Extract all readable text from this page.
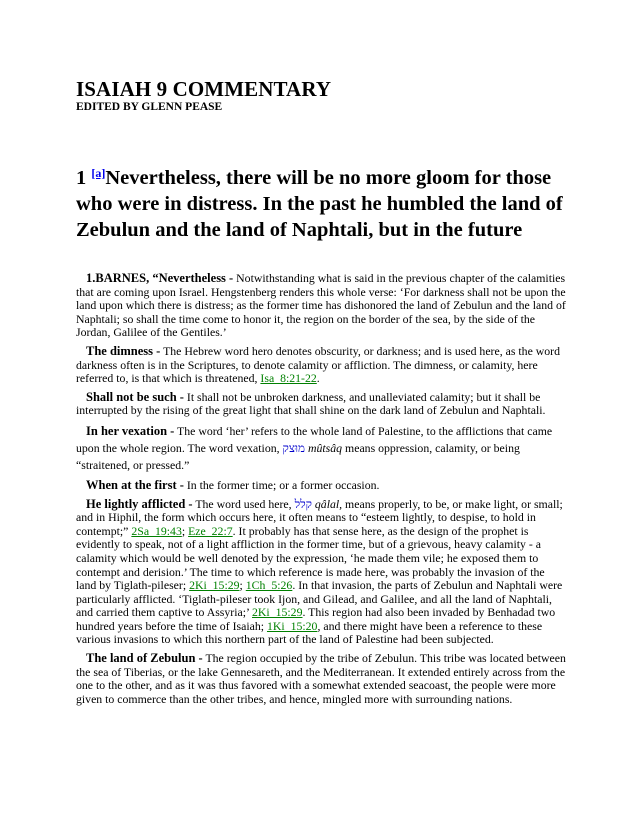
ISAIAH 9 COMMENTARY
EDITED BY GLENN PEASE
1 [a]Nevertheless, there will be no more gloom for those who were in distress. In the past he humbled the land of Zebulun and the land of Naphtali, but in the future

1.BARNES, “Nevertheless - Notwithstanding what is said in the previous chapter of the calamities that are coming upon Israel. Hengstenberg renders this whole verse: ‘For darkness shall not be upon the land upon which there is distress; as the former time has dishonored the land of Zebulun and the land of Naphtali; so shall the time come to honor it, the region on the border of the sea, by the side of the Jordan, Galilee of the Gentiles.’

The dimness - The Hebrew word hero denotes obscurity, or darkness; and is used here, as the word darkness often is in the Scriptures, to denote calamity or affliction. The dimness, or calamity, here referred to, is that which is threatened, Isa_8:21-22.

Shall not be such - It shall not be unbroken darkness, and unalleviated calamity; but it shall be interrupted by the rising of the great light that shall shine on the dark land of Zebulun and Naphtali.

In her vexation - The word ‘her’ refers to the whole land of Palestine, to the afflictions that came upon the whole region. The word vexation, מוּצק mûtsâq means oppression, calamity, or being “straitened, or pressed.”

When at the first - In the former time; or a former occasion.

He lightly afflicted - The word used here, קלל qâlal, means properly, to be, or make light, or small; and in Hiphil, the form which occurs here, it often means to “esteem lightly, to despise, to hold in contempt;” 2Sa_19:43; Eze_22:7. It probably has that sense here, as the design of the prophet is evidently to speak, not of a light affliction in the former time, but of a grievous, heavy calamity - a calamity which would be well denoted by the expression, ‘he made them vile; he exposed them to contempt and derision.’ The time to which reference is made here, was probably the invasion of the land by Tiglath-pileser; 2Ki_15:29; 1Ch_5:26. In that invasion, the parts of Zebulun and Naphtali were particularly afflicted. ‘Tiglath-pileser took Ijon, and Gilead, and Galilee, and all the land of Naphtali, and carried them captive to Assyria;’ 2Ki_15:29. This region had also been invaded by Benhadad two hundred years before the time of Isaiah; 1Ki_15:20, and there might have been a reference to these various invasions to which this northern part of the land of Palestine had been subjected.

The land of Zebulun - The region occupied by the tribe of Zebulun. This tribe was located between the sea of Tiberias, or the lake Gennesareth, and the Mediterranean. It extended entirely across from the one to the other, and as it was thus favored with a somewhat extended seacoast, the people were more given to commerce than the other tribes, and hence, mingled more with surrounding nations.
